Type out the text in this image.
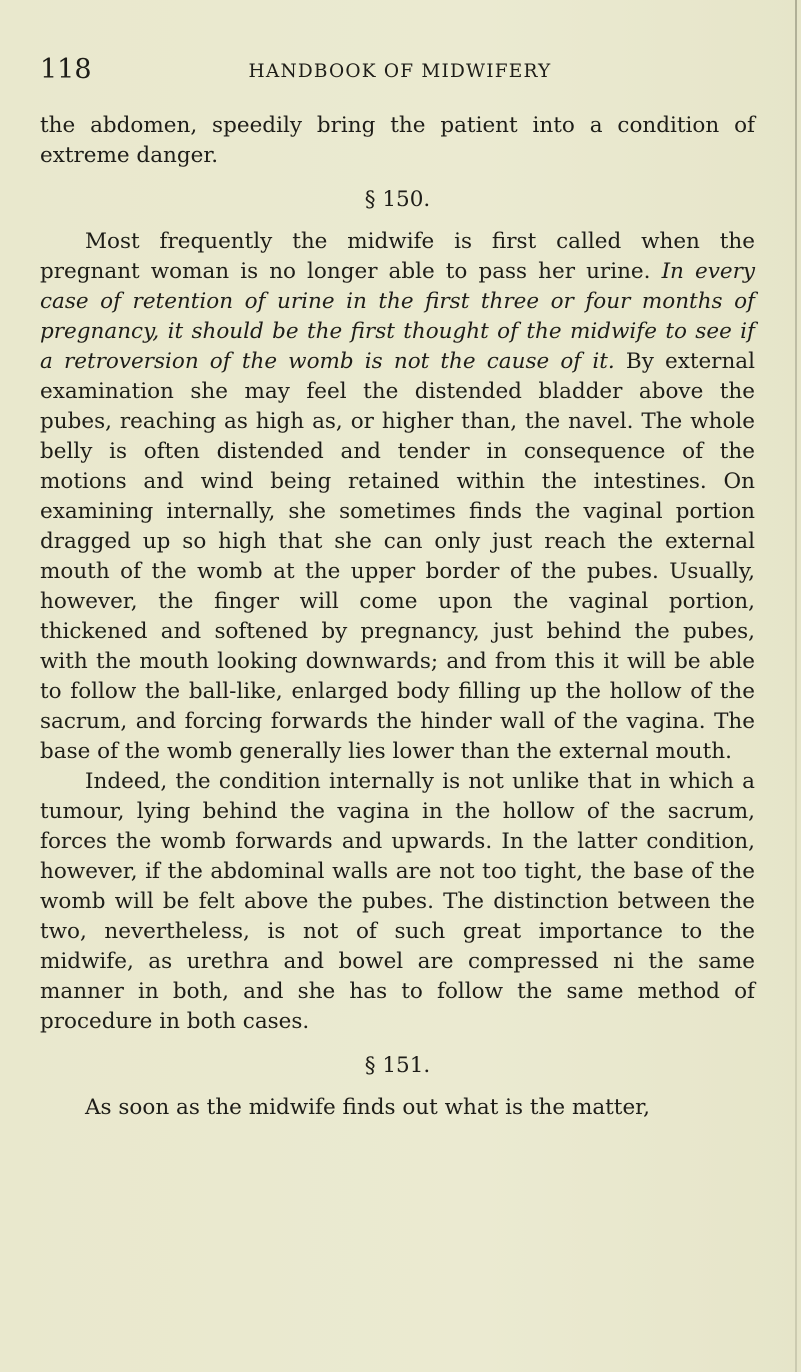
118	HANDBOOK OF MIDWIFERY

the abdomen, speedily bring the patient into a condition of extreme danger.

§ 150.

Most frequently the midwife is first called when the pregnant woman is no longer able to pass her urine. In every case of retention of urine in the first three or four months of pregnancy, it should be the first thought of the midwife to see if a retroversion of the womb is not the cause of it. By external examination she may feel the distended bladder above the pubes, reaching as high as, or higher than, the navel. The whole belly is often distended and tender in consequence of the motions and wind being retained within the intestines. On examining internally, she sometimes finds the vaginal portion dragged up so high that she can only just reach the external mouth of the womb at the upper border of the pubes. Usually, however, the finger will come upon the vaginal portion, thickened and softened by pregnancy, just behind the pubes, with the mouth looking downwards; and from this it will be able to follow the ball-like, enlarged body filling up the hollow of the sacrum, and forcing forwards the hinder wall of the vagina. The base of the womb generally lies lower than the external mouth.

Indeed, the condition internally is not unlike that in which a tumour, lying behind the vagina in the hollow of the sacrum, forces the womb forwards and upwards. In the latter condition, however, if the abdominal walls are not too tight, the base of the womb will be felt above the pubes. The distinction between the two, nevertheless, is not of such great importance to the midwife, as urethra and bowel are compressed ni the same manner in both, and she has to follow the same method of procedure in both cases.

§ 151.

As soon as the midwife finds out what is the matter,
